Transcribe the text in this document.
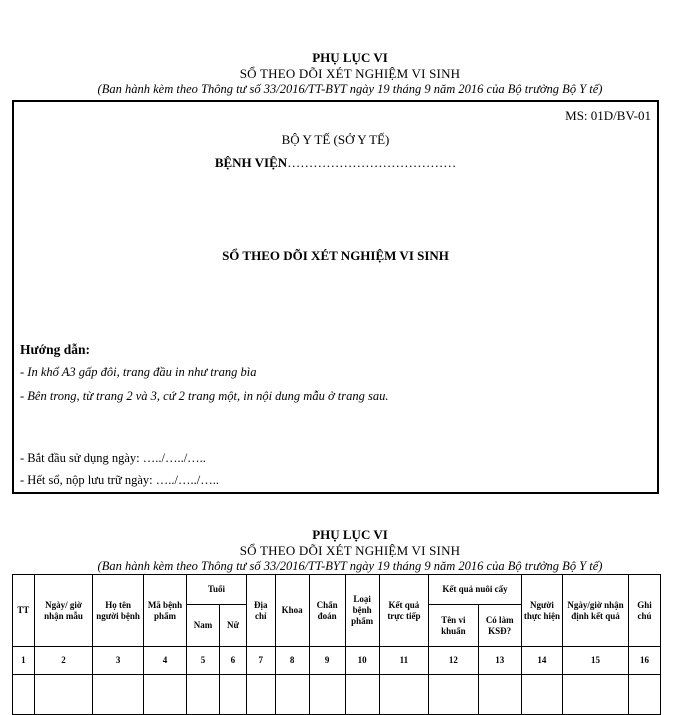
PHỤ LỤC VI
SỔ THEO DÕI XÉT NGHIỆM VI SINH
(Ban hành kèm theo Thông tư số 33/2016/TT-BYT ngày 19 tháng 9 năm 2016 của Bộ trưởng Bộ Y tế)
MS: 01D/BV-01
BỘ Y TẾ (SỞ Y TẾ)
BỆNH VIỆN…………………………………
SỔ THEO DÕI XÉT NGHIỆM VI SINH
Hướng dẫn:
- In khổ A3 gấp đôi, trang đầu in như trang bìa
- Bên trong, từ trang 2 và 3, cứ 2 trang một, in nội dung mẫu ở trang sau.
- Bắt đầu sử dụng ngày: …../…../…..
- Hết sổ, nộp lưu trữ ngày: …../…../…..
PHỤ LỤC VI
SỔ THEO DÕI XÉT NGHIỆM VI SINH
(Ban hành kèm theo Thông tư số 33/2016/TT-BYT ngày 19 tháng 9 năm 2016 của Bộ trưởng Bộ Y tế)
TT	Ngày/ giờ nhận mẫu	Họ tên người bệnh	Mã bệnh phẩm	Tuổi		Địa chỉ	Khoa	Chẩn đoán	Loại bệnh phẩm	Kết quả trực tiếp	Kết quả nuôi cấy		Người thực hiện	Ngày/giờ nhận định kết quả	Ghi chú
				Nam	Nữ						Tên vi khuẩn	Có làm KSĐ?			
1	2	3	4	5	6	7	8	9	10	11	12	13	14	15	16
